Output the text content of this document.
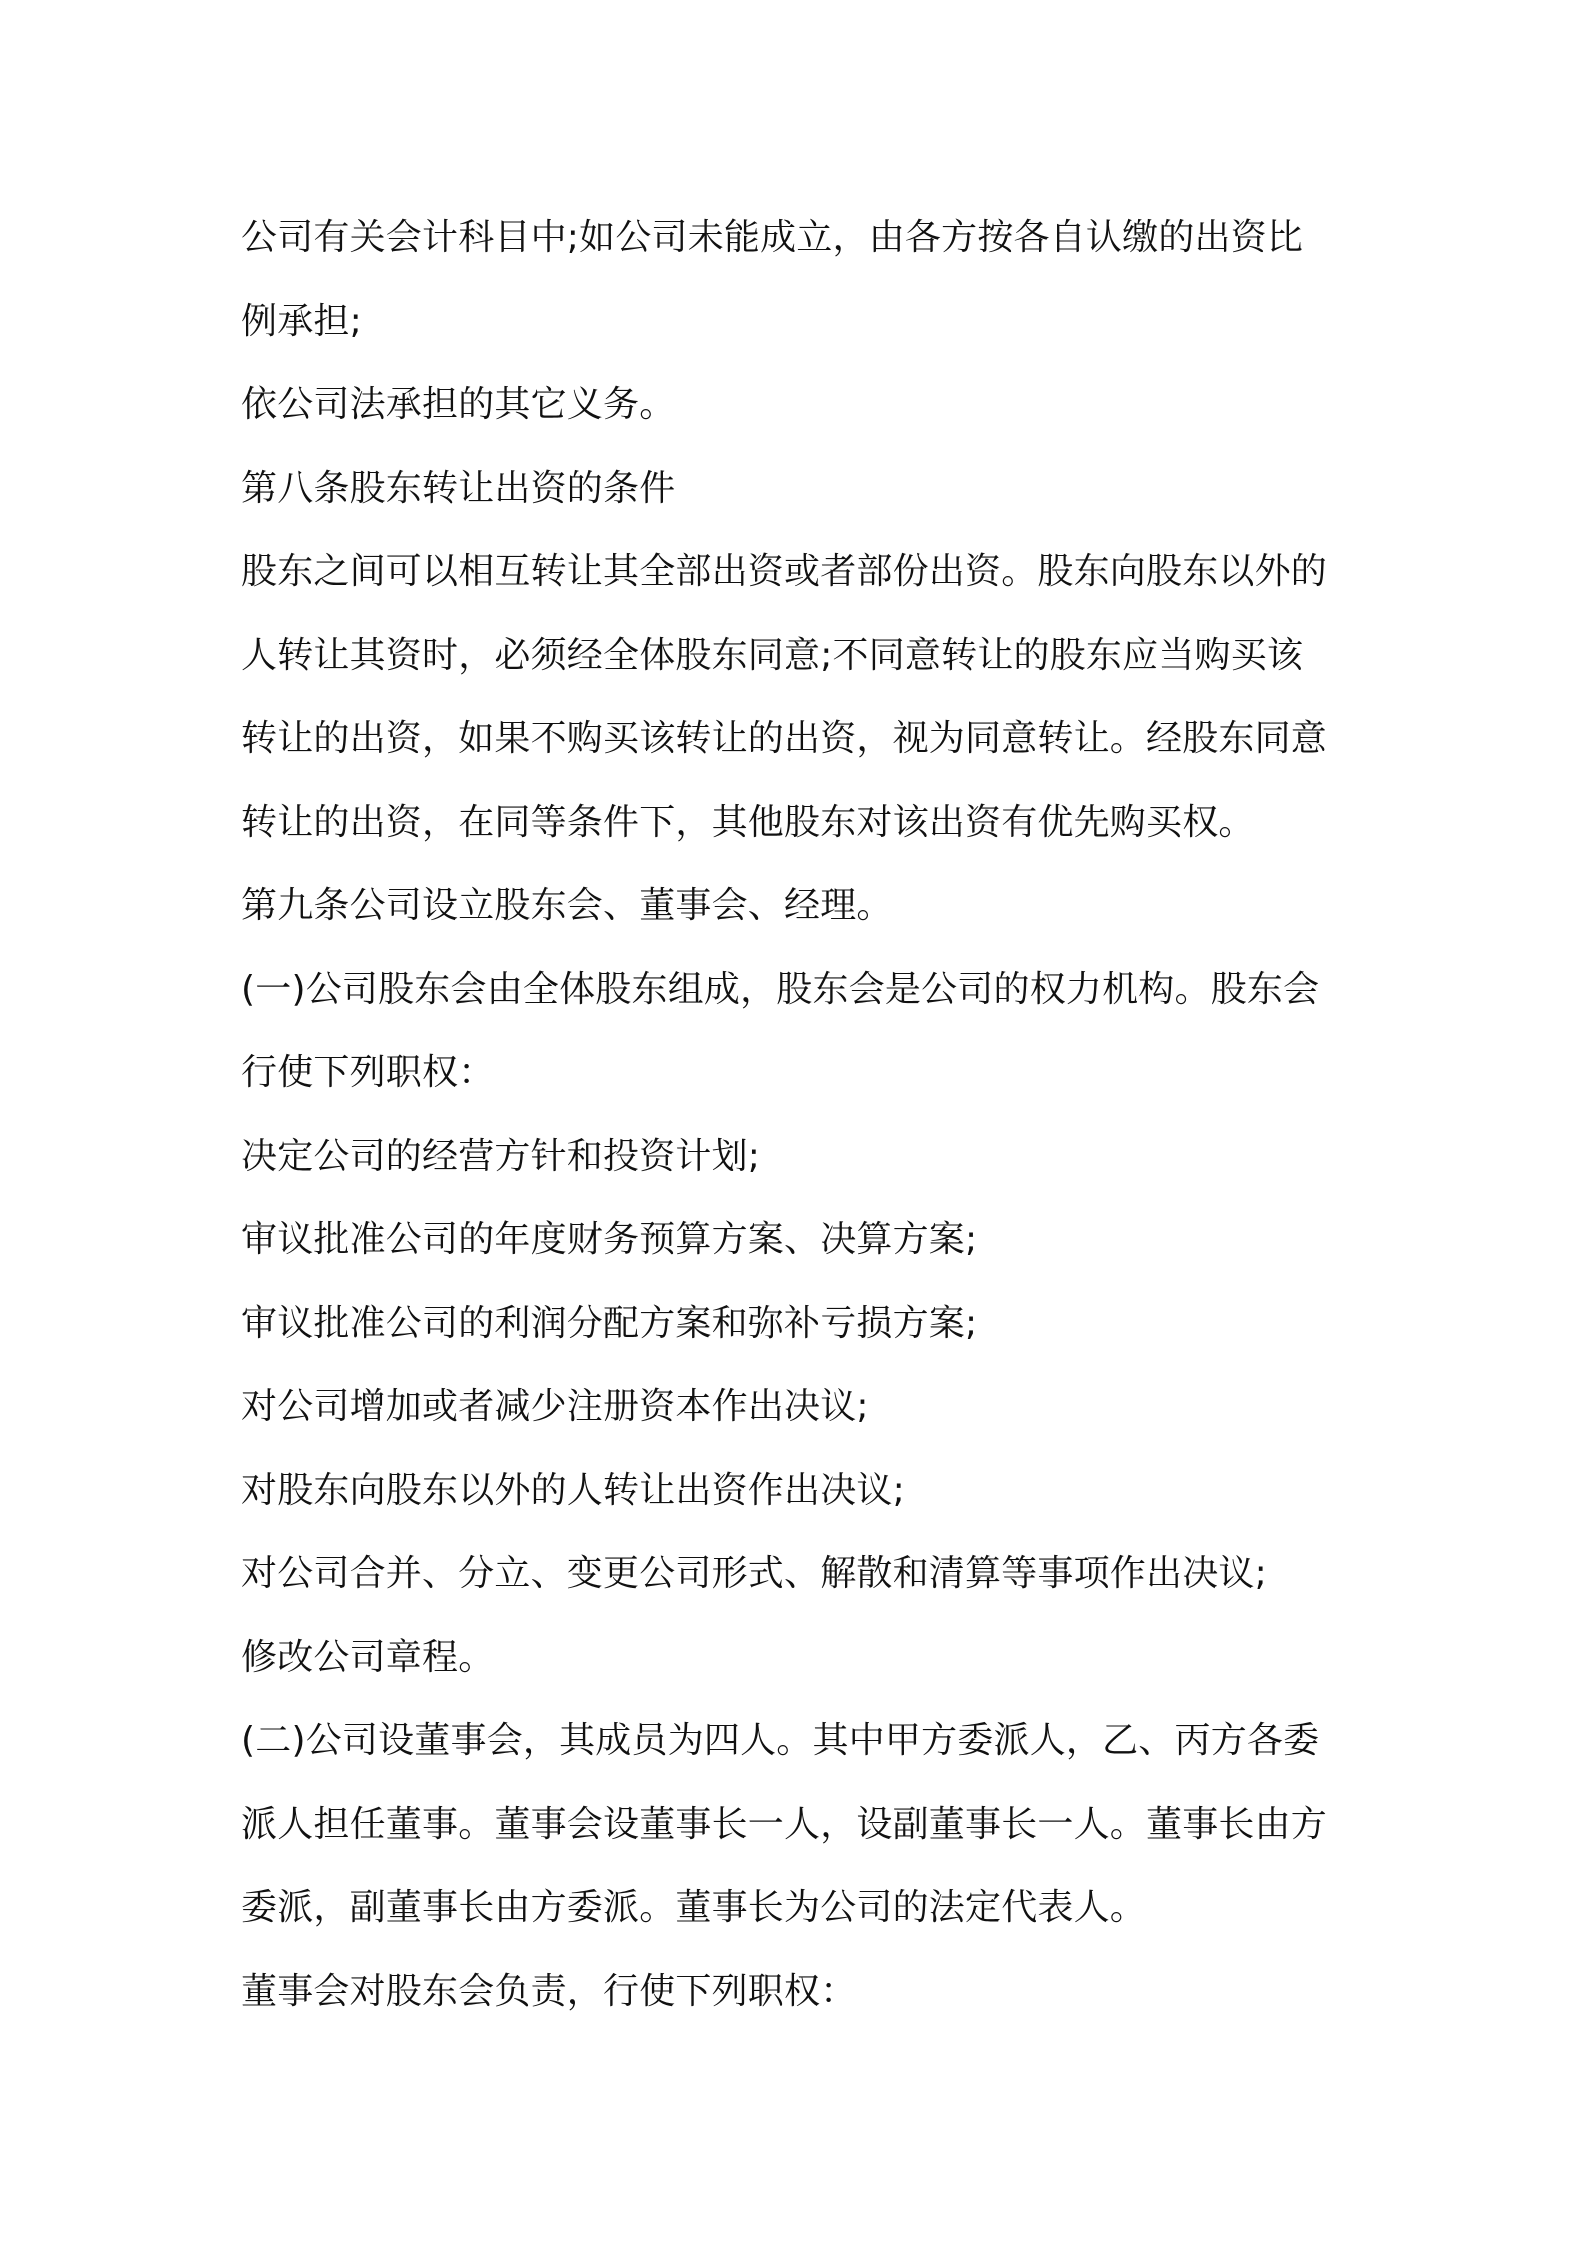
公司有关会计科目中;如公司未能成立，由各方按各自认缴的出资比
例承担;
依公司法承担的其它义务。
第八条股东转让出资的条件
股东之间可以相互转让其全部出资或者部份出资。股东向股东以外的
人转让其资时，必须经全体股东同意;不同意转让的股东应当购买该
转让的出资，如果不购买该转让的出资，视为同意转让。经股东同意
转让的出资，在同等条件下，其他股东对该出资有优先购买权。
第九条公司设立股东会、董事会、经理。
(一)公司股东会由全体股东组成，股东会是公司的权力机构。股东会
行使下列职权：
决定公司的经营方针和投资计划;
审议批准公司的年度财务预算方案、决算方案;
审议批准公司的利润分配方案和弥补亏损方案;
对公司增加或者减少注册资本作出决议;
对股东向股东以外的人转让出资作出决议;
对公司合并、分立、变更公司形式、解散和清算等事项作出决议;
修改公司章程。
(二)公司设董事会，其成员为四人。其中甲方委派人，乙、丙方各委
派人担任董事。董事会设董事长一人，设副董事长一人。董事长由方
委派，副董事长由方委派。董事长为公司的法定代表人。
董事会对股东会负责，行使下列职权：
